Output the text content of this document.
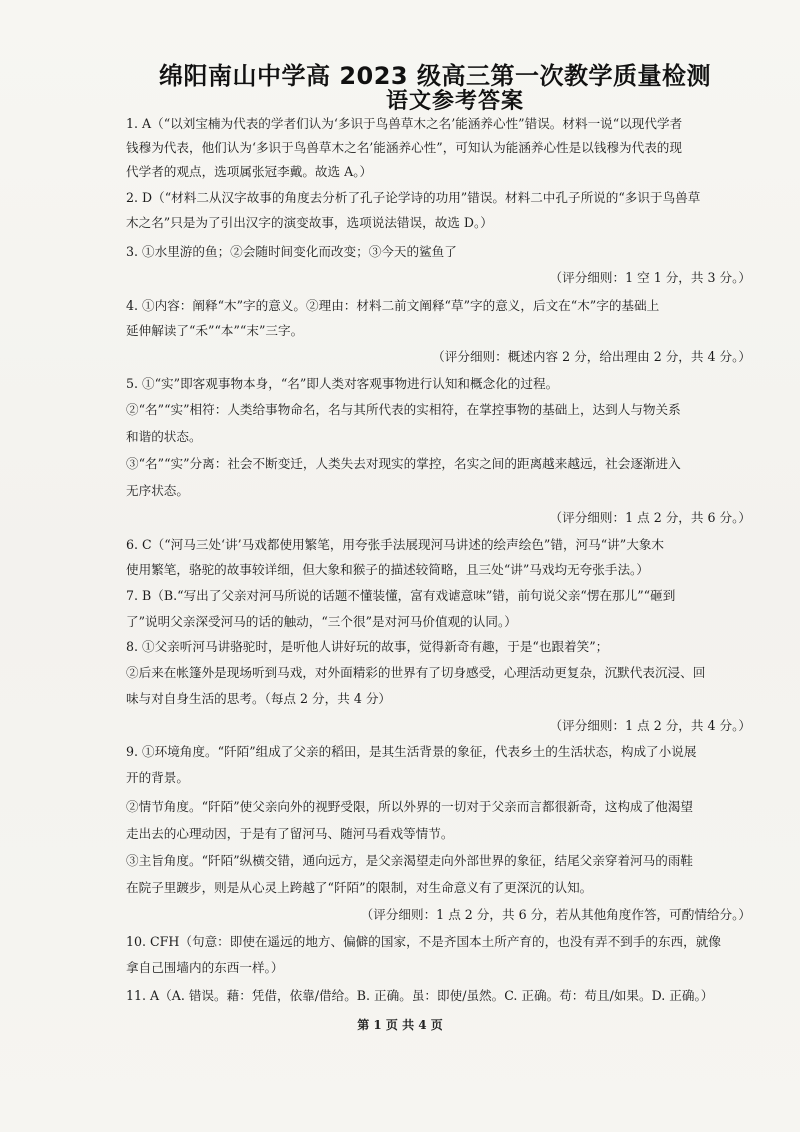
绵阳南山中学高 2023 级高三第一次教学质量检测
语文参考答案
1. A（“以刘宝楠为代表的学者们认为‘多识于鸟兽草木之名’能涵养心性”错误。材料一说“以现代学者
钱穆为代表，他们认为‘多识于鸟兽草木之名’能涵养心性”，可知认为能涵养心性是以钱穆为代表的现
代学者的观点，选项属张冠李戴。故选 A。）
2. D（“材料二从汉字故事的角度去分析了孔子论学诗的功用”错误。材料二中孔子所说的“多识于鸟兽草
木之名”只是为了引出汉字的演变故事，选项说法错误，故选 D。）
3. ①水里游的鱼；②会随时间变化而改变；③今天的鲨鱼了
（评分细则：1 空 1 分，共 3 分。）
4. ①内容：阐释“木”字的意义。②理由：材料二前文阐释“草”字的意义，后文在“木”字的基础上
延伸解读了“禾”“本”“末”三字。
（评分细则：概述内容 2 分，给出理由 2 分，共 4 分。）
5. ①“实”即客观事物本身，“名”即人类对客观事物进行认知和概念化的过程。
②“名”“实”相符：人类给事物命名，名与其所代表的实相符，在掌控事物的基础上，达到人与物关系
和谐的状态。
③“名”“实”分离：社会不断变迁，人类失去对现实的掌控，名实之间的距离越来越远，社会逐渐进入
无序状态。
（评分细则：1 点 2 分，共 6 分。）
6. C（“河马三处‘讲’马戏都使用繁笔，用夸张手法展现河马讲述的绘声绘色”错，河马“讲”大象木
使用繁笔，骆驼的故事较详细，但大象和猴子的描述较简略，且三处“讲”马戏均无夸张手法。）
7. B（B.“写出了父亲对河马所说的话题不懂装懂，富有戏谑意味”错，前句说父亲“愣在那儿”“砸到
了”说明父亲深受河马的话的触动，“三个很”是对河马价值观的认同。）
8. ①父亲听河马讲骆驼时，是听他人讲好玩的故事，觉得新奇有趣，于是“也跟着笑”；
②后来在帐篷外是现场听到马戏，对外面精彩的世界有了切身感受，心理活动更复杂，沉默代表沉浸、回
味与对自身生活的思考。（每点 2 分，共 4 分）
（评分细则：1 点 2 分，共 4 分。）
9. ①环境角度。“阡陌”组成了父亲的稻田，是其生活背景的象征，代表乡土的生活状态，构成了小说展
开的背景。
②情节角度。“阡陌”使父亲向外的视野受限，所以外界的一切对于父亲而言都很新奇，这构成了他渴望
走出去的心理动因，于是有了留河马、随河马看戏等情节。
③主旨角度。“阡陌”纵横交错，通向远方，是父亲渴望走向外部世界的象征，结尾父亲穿着河马的雨鞋
在院子里踱步，则是从心灵上跨越了“阡陌”的限制，对生命意义有了更深沉的认知。
（评分细则：1 点 2 分，共 6 分，若从其他角度作答，可酌情给分。）
10. CFH（句意：即使在遥远的地方、偏僻的国家，不是齐国本土所产育的，也没有弄不到手的东西，就像
拿自己围墙内的东西一样。）
11. A（A. 错误。藉：凭借，依靠/借给。B. 正确。虽：即使/虽然。C. 正确。苟：苟且/如果。D. 正确。）
第 1 页 共 4 页
